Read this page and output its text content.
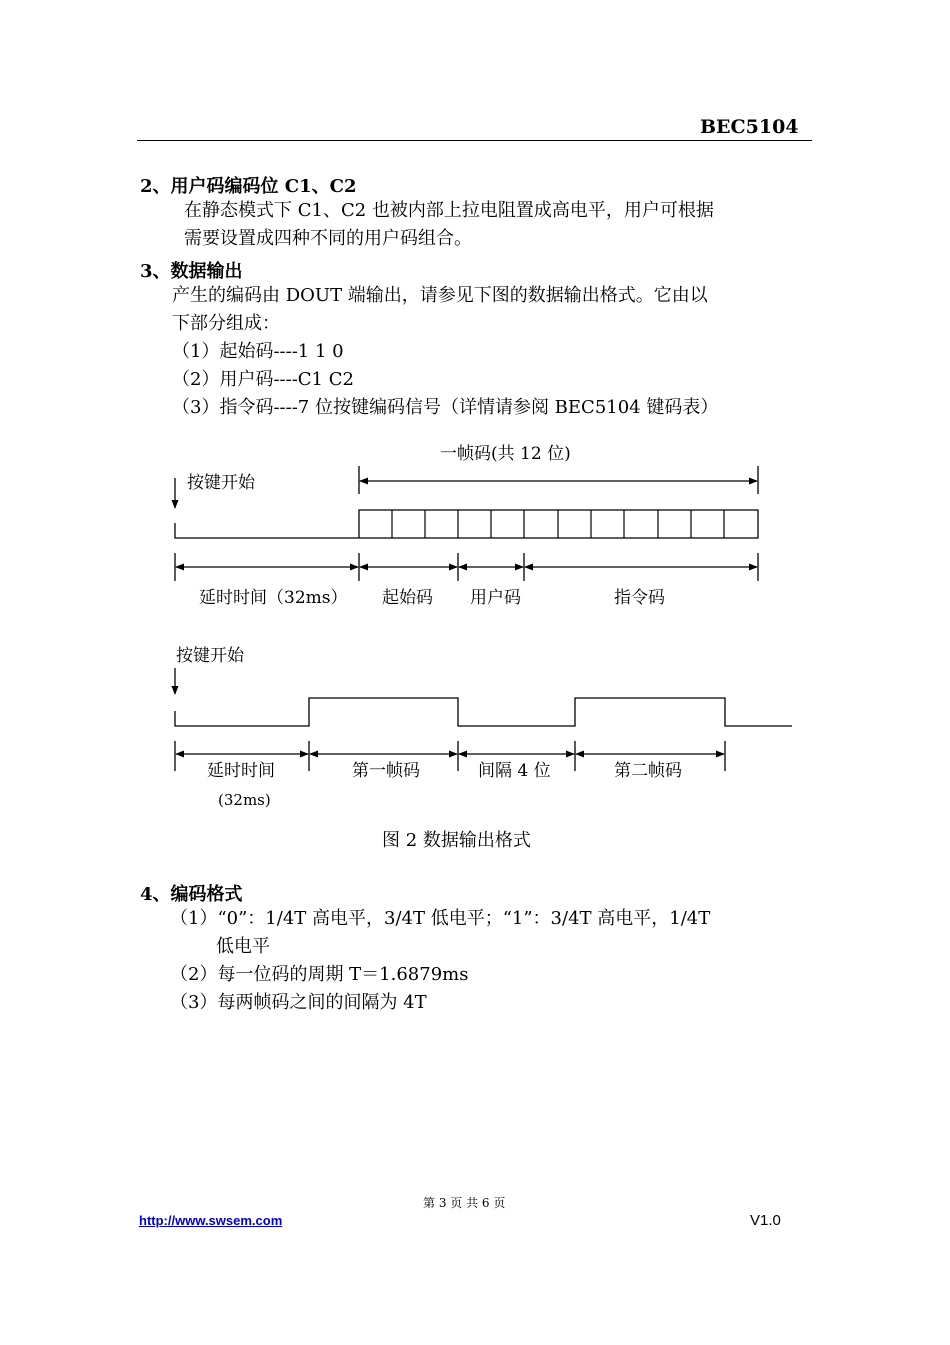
BEC5104
2、用户码编码位 C1、C2
在静态模式下 C1、C2 也被内部上拉电阻置成高电平，用户可根据
需要设置成四种不同的用户码组合。
3、数据输出
产生的编码由 DOUT 端输出，请参见下图的数据输出格式。它由以
下部分组成：
（1）起始码----1 1 0
（2）用户码----C1 C2
（3）指令码----7 位按键编码信号（详情请参阅 BEC5104 键码表）
一帧码(共 12 位)
按键开始
延时时间（32ms） 起始码 用户码	指令码
按键开始
延时时间	第一帧码	间隔 4 位	第二帧码
(32ms)
图 2 数据输出格式
4、编码格式
（1）“0”：1/4T 高电平，3/4T 低电平；“1”：3/4T 高电平，1/4T
低电平
（2）每一位码的周期 T＝1.6879ms
（3）每两帧码之间的间隔为 4T
第 3 页 共 6 页
http://www.swsem.com	V1.0
